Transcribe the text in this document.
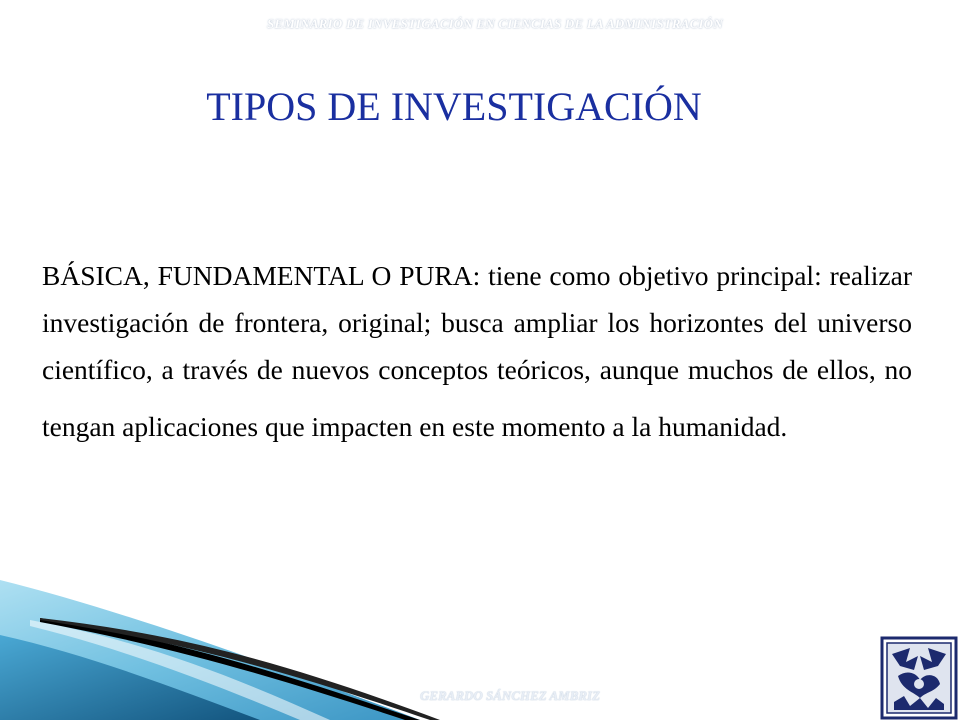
SEMINARIO DE INVESTIGACIÓN EN CIENCIAS DE LA ADMINISTRACIÓN
TIPOS DE INVESTIGACIÓN

BÁSICA, FUNDAMENTAL O PURA: tiene como objetivo principal: realizar investigación de frontera, original; busca ampliar los horizontes del universo científico, a través de nuevos conceptos teóricos, aunque muchos de ellos, no tengan aplicaciones que impacten en este momento a la humanidad.

GERARDO SÁNCHEZ AMBRIZ
